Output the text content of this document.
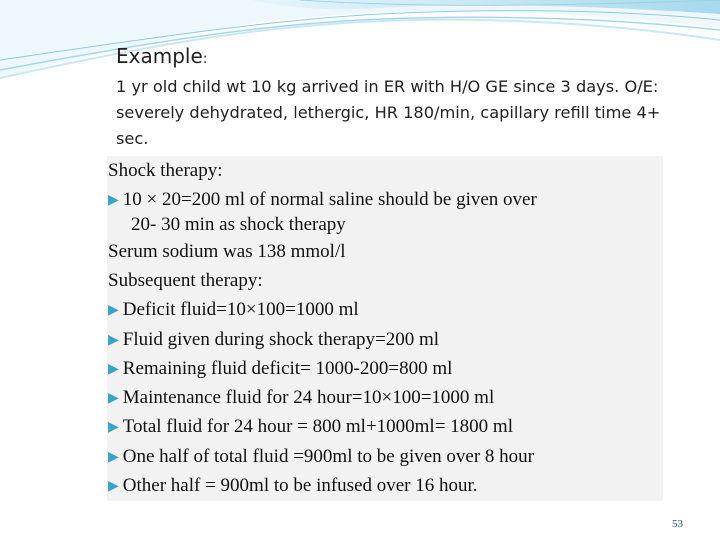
Example:
1 yr old child wt 10 kg arrived in ER with H/O GE since 3 days. O/E: severely dehydrated, lethergic, HR 180/min, capillary refill time 4+ sec.
Shock therapy:
▶ 10 × 20=200 ml of normal saline should be given over
20- 30 min as shock therapy
Serum sodium was 138 mmol/l
Subsequent therapy:
▶ Deficit fluid=10×100=1000 ml
▶ Fluid given during shock therapy=200 ml
▶ Remaining fluid deficit= 1000-200=800 ml
▶ Maintenance fluid for 24 hour=10×100=1000 ml
▶ Total fluid for 24 hour = 800 ml+1000ml= 1800 ml
▶ One half of total fluid =900ml to be given over 8 hour
▶ Other half = 900ml to be infused over 16 hour.
53
